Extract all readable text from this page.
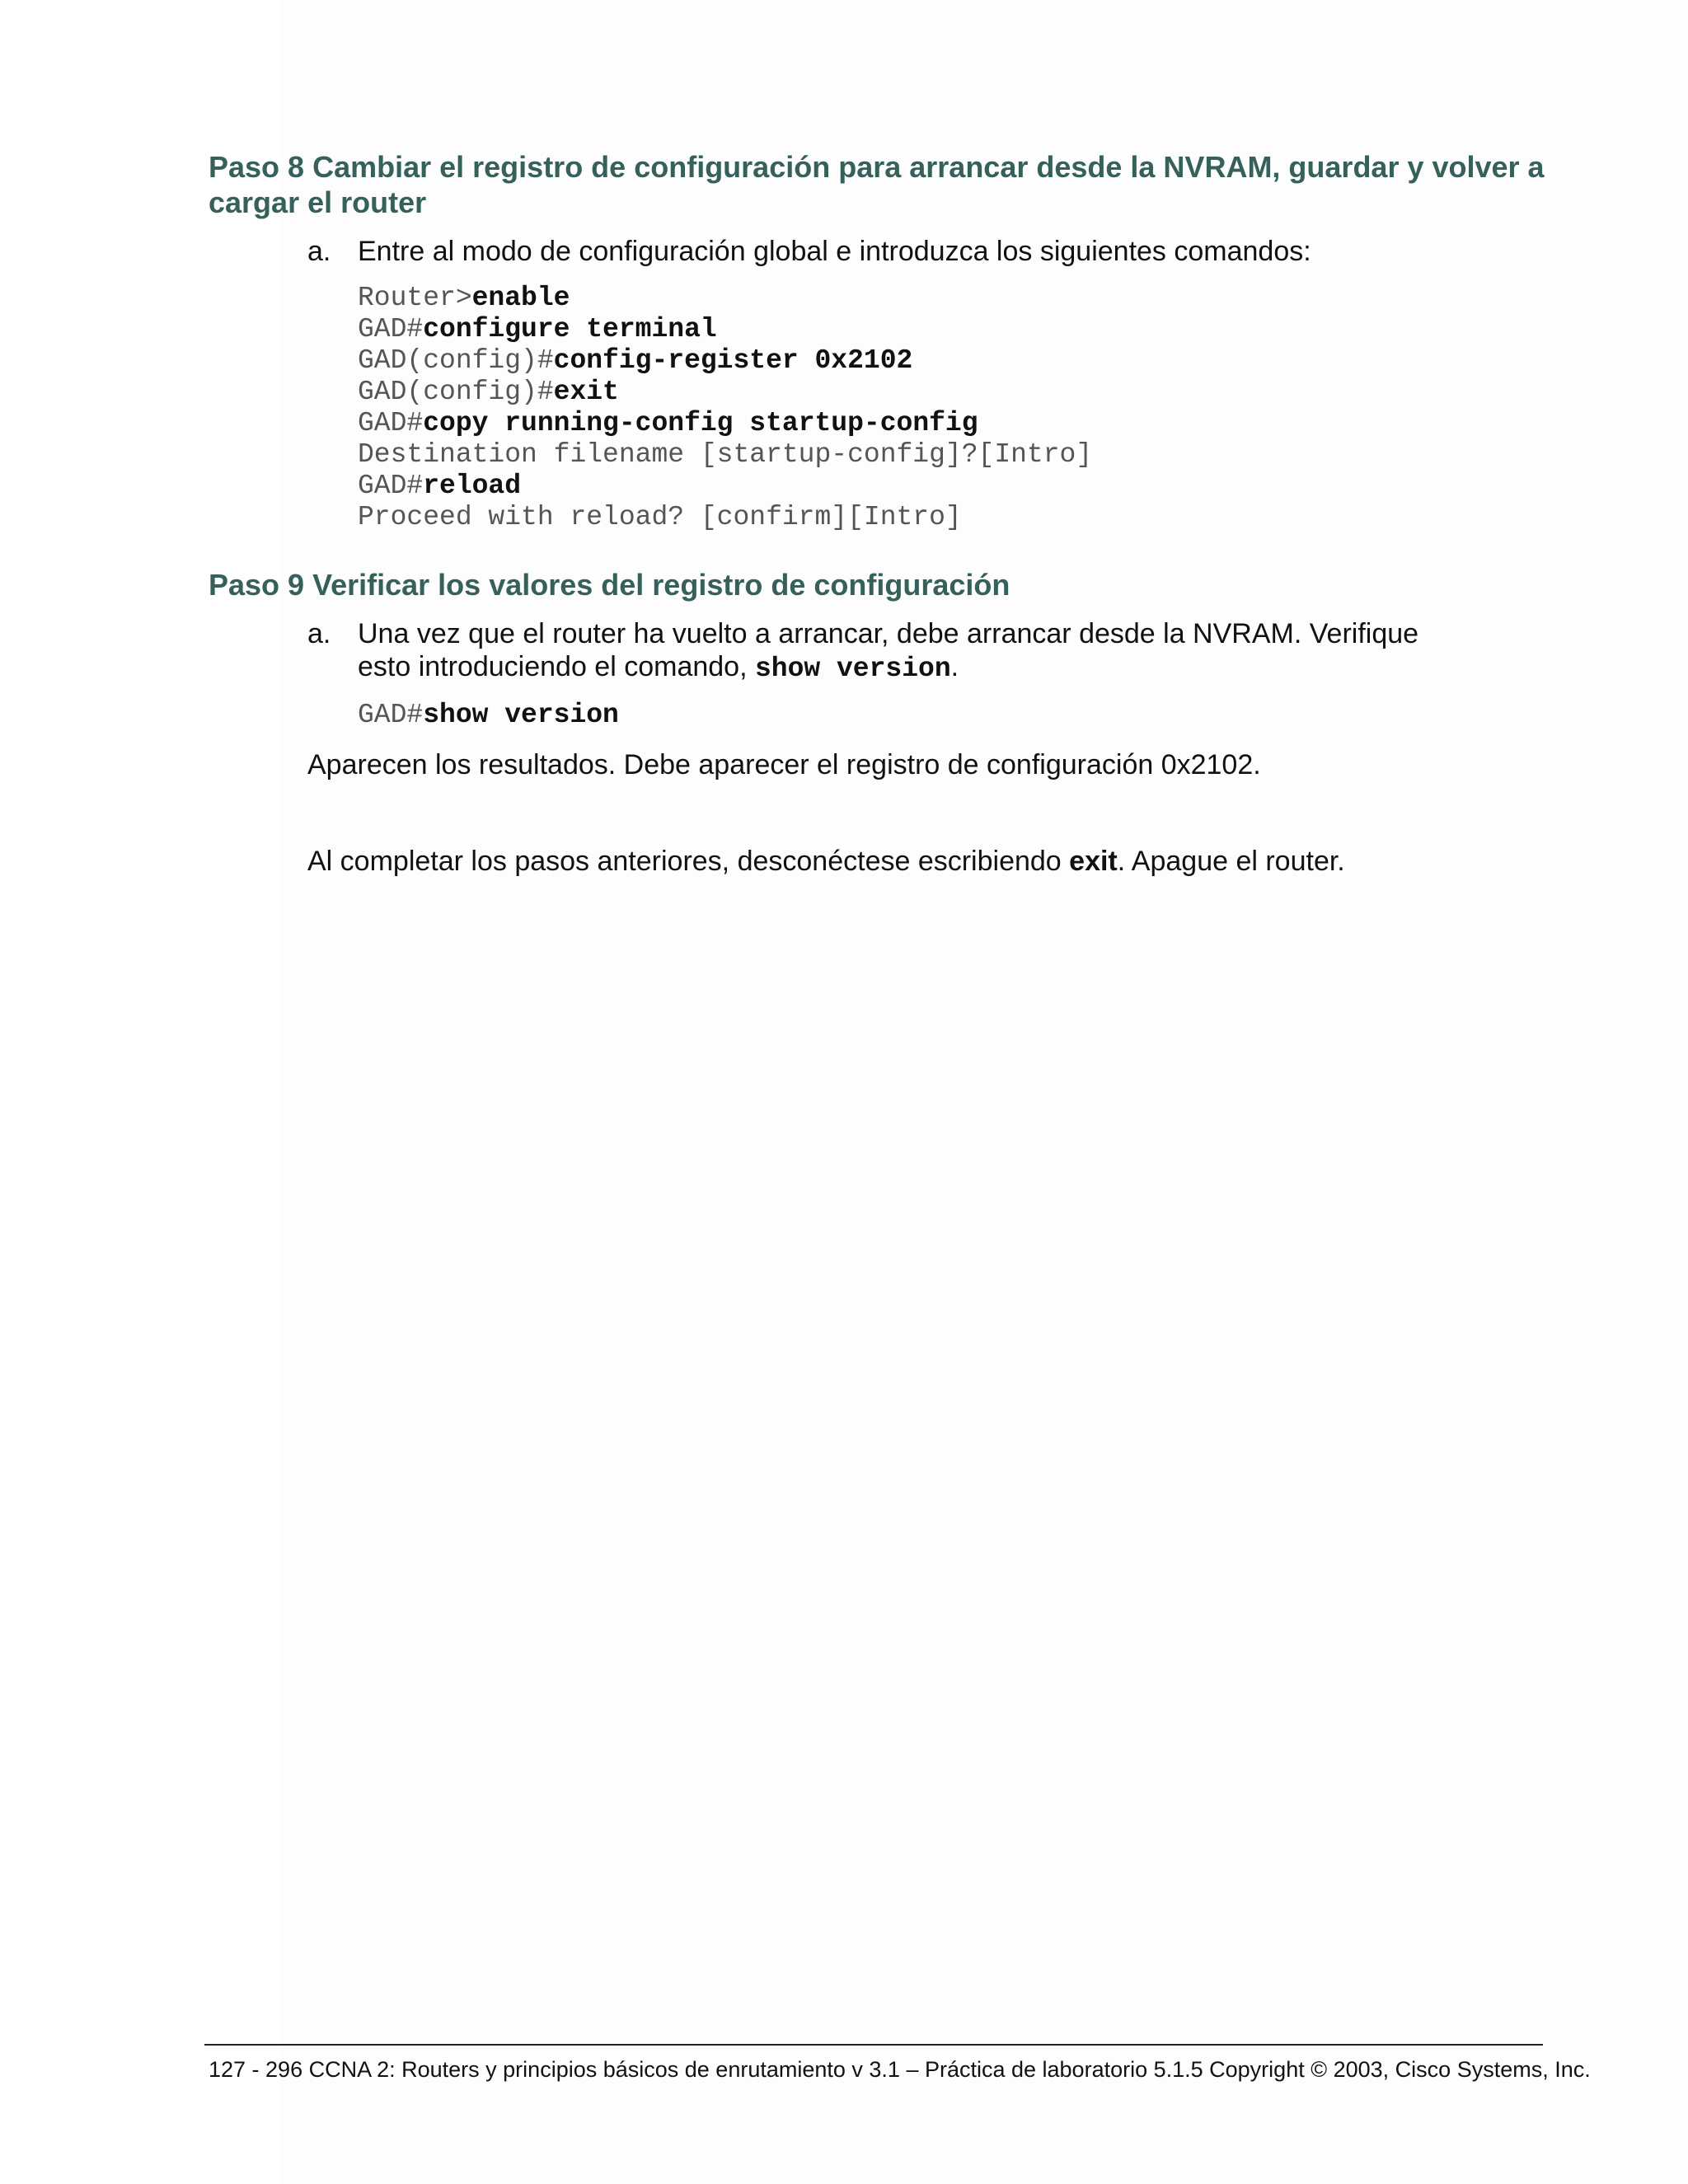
Paso 8 Cambiar el registro de configuración para arrancar desde la NVRAM, guardar y volver a cargar el router
a. Entre al modo de configuración global e introduzca los siguientes comandos:
Router>enable
GAD#configure terminal
GAD(config)#config-register 0x2102
GAD(config)#exit
GAD#copy running-config startup-config
Destination filename [startup-config]?[Intro]
GAD#reload
Proceed with reload? [confirm][Intro]
Paso 9 Verificar los valores del registro de configuración
a. Una vez que el router ha vuelto a arrancar, debe arrancar desde la NVRAM. Verifique esto introduciendo el comando, show version.
GAD#show version

Aparecen los resultados. Debe aparecer el registro de configuración 0x2102.

Al completar los pasos anteriores, desconéctese escribiendo exit. Apague el router.

127 - 296 CCNA 2: Routers y principios básicos de enrutamiento v 3.1 – Práctica de laboratorio 5.1.5 Copyright © 2003, Cisco Systems, Inc.
